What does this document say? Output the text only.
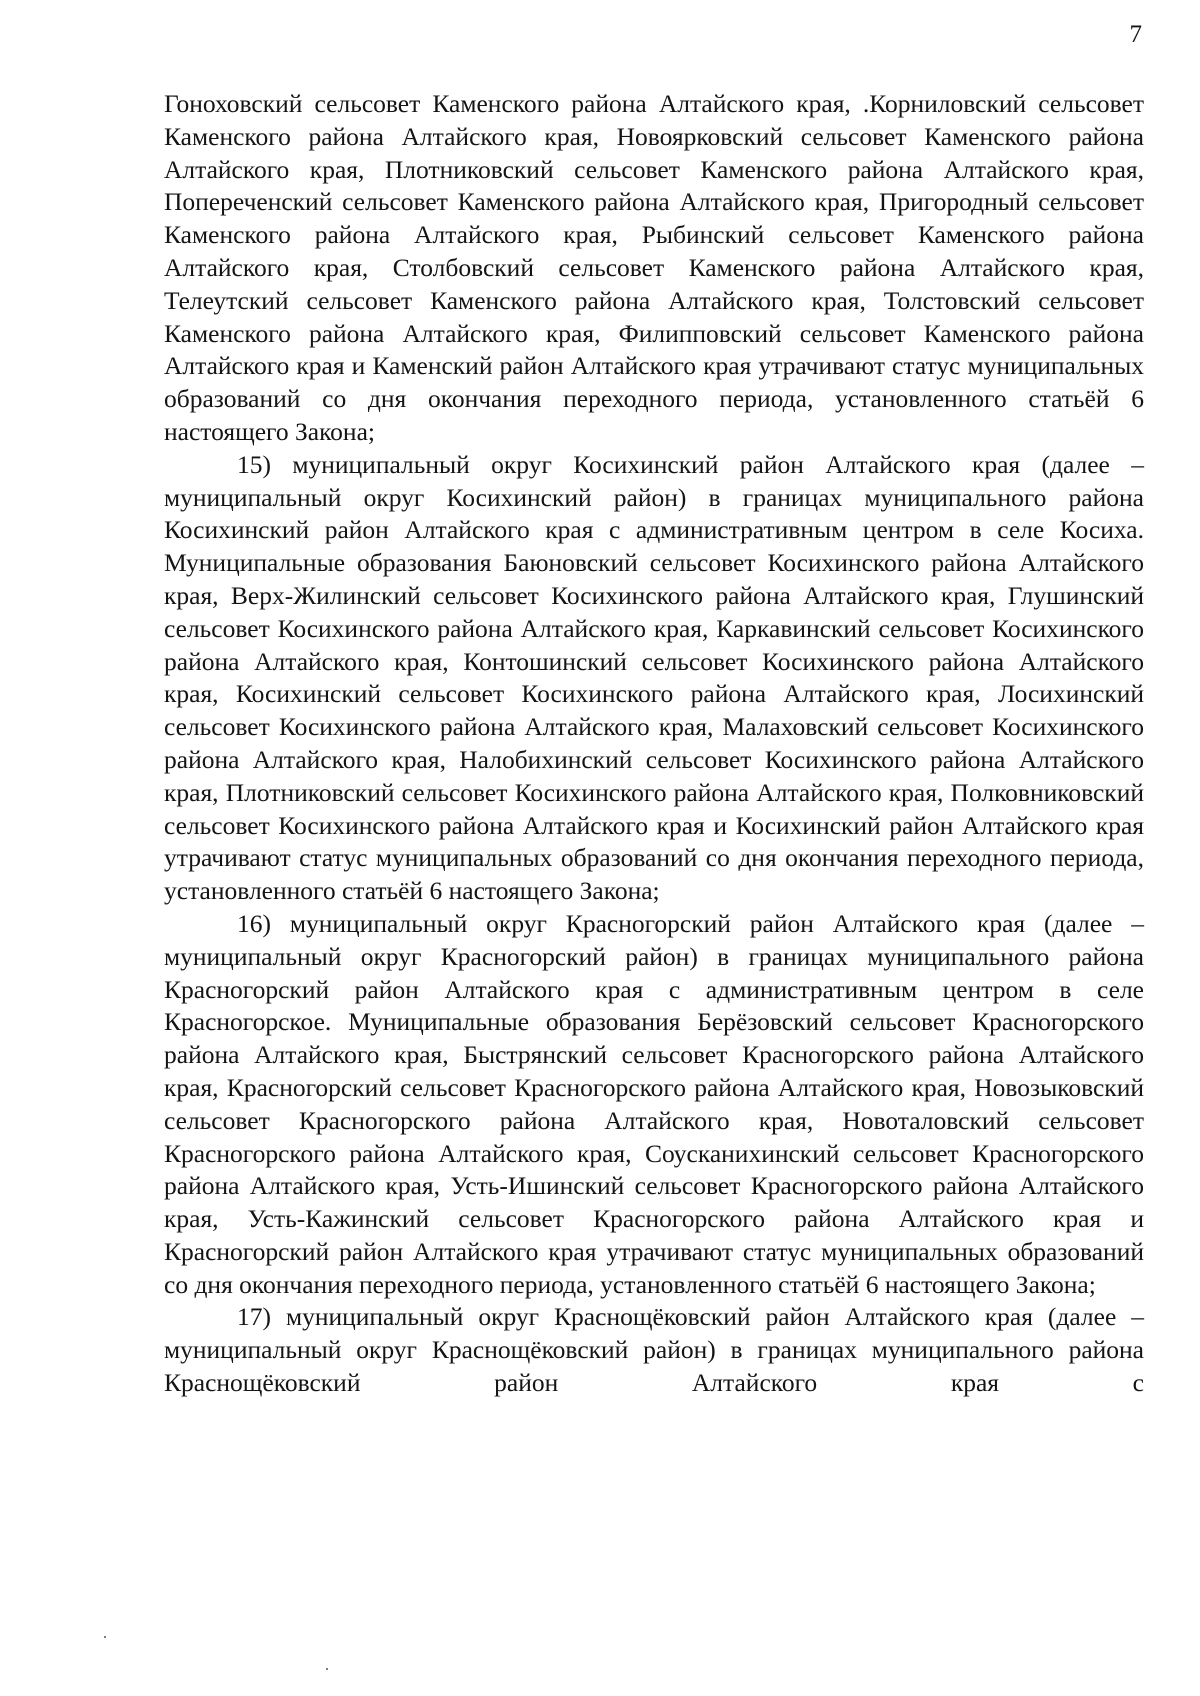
7

Гоноховский сельсовет Каменского района Алтайского края, .Корниловский сельсовет Каменского района Алтайского края, Новоярковский сельсовет Каменского района Алтайского края, Плотниковский сельсовет Каменского района Алтайского края, Попереченский сельсовет Каменского района Алтайского края, Пригородный сельсовет Каменского района Алтайского края, Рыбинский сельсовет Каменского района Алтайского края, Столбовский сельсовет Каменского района Алтайского края, Телеутский сельсовет Каменского района Алтайского края, Толстовский сельсовет Каменского района Алтайского края, Филипповский сельсовет Каменского района Алтайского края и Каменский район Алтайского края утрачивают статус муниципальных образований со дня окончания переходного периода, установленного статьёй 6 настоящего Закона;

15) муниципальный округ Косихинский район Алтайского края (далее – муниципальный округ Косихинский район) в границах муниципального района Косихинский район Алтайского края с административным центром в селе Косиха. Муниципальные образования Баюновский сельсовет Косихинского района Алтайского края, Верх-Жилинский сельсовет Косихинского района Алтайского края, Глушинский сельсовет Косихинского района Алтайского края, Каркавинский сельсовет Косихинского района Алтайского края, Контошинский сельсовет Косихинского района Алтайского края, Косихинский сельсовет Косихинского района Алтайского края, Лосихинский сельсовет Косихинского района Алтайского края, Малаховский сельсовет Косихинского района Алтайского края, Налобихинский сельсовет Косихинского района Алтайского края, Плотниковский сельсовет Косихинского района Алтайского края, Полковниковский сельсовет Косихинского района Алтайского края и Косихинский район Алтайского края утрачивают статус муниципальных образований со дня окончания переходного периода, установленного статьёй 6 настоящего Закона;

16) муниципальный округ Красногорский район Алтайского края (далее – муниципальный округ Красногорский район) в границах муниципального района Красногорский район Алтайского края с административным центром в селе Красногорское. Муниципальные образования Берёзовский сельсовет Красногорского района Алтайского края, Быстрянский сельсовет Красногорского района Алтайского края, Красногорский сельсовет Красногорского района Алтайского края, Новозыковский сельсовет Красногорского района Алтайского края, Новоталовский сельсовет Красногорского района Алтайского края, Соусканихинский сельсовет Красногорского района Алтайского края, Усть-Ишинский сельсовет Красногорского района Алтайского края, Усть-Кажинский сельсовет Красногорского района Алтайского края и Красногорский район Алтайского края утрачивают статус муниципальных образований со дня окончания переходного периода, установленного статьёй 6 настоящего Закона;

17) муниципальный округ Краснощёковский район Алтайского края (далее – муниципальный округ Краснощёковский район) в границах муниципального района Краснощёковский район Алтайского края с
